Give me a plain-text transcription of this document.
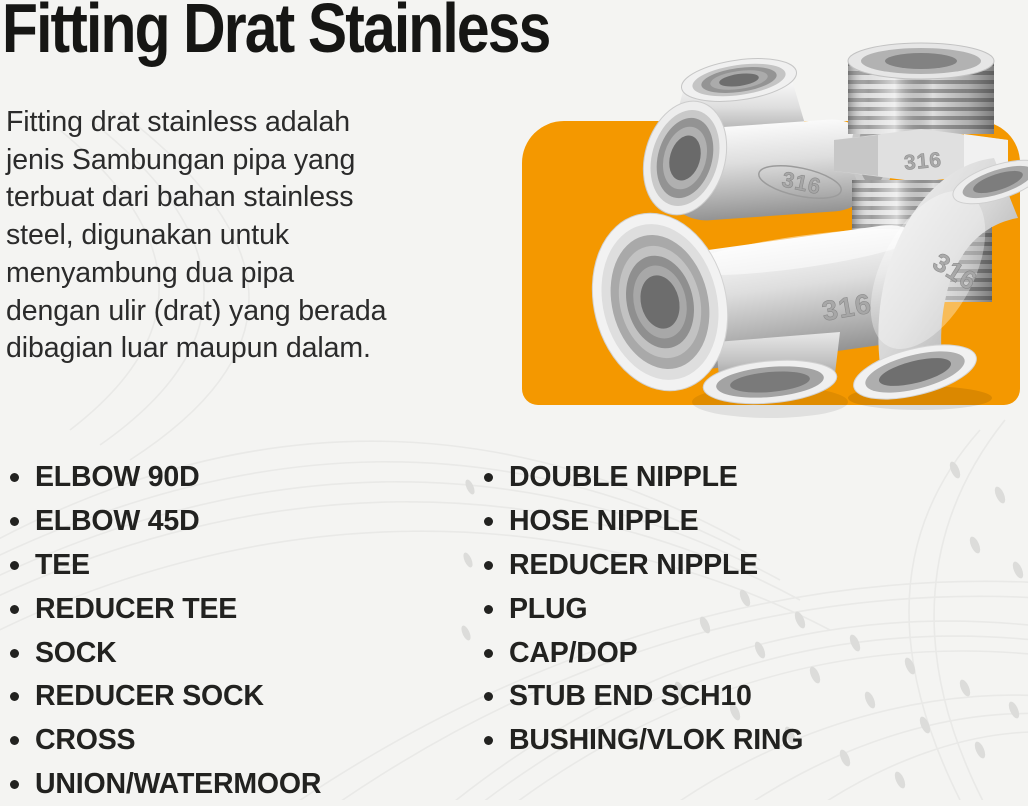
316
316
316
316
Fitting Drat Stainless
Fitting drat stainless adalah
jenis Sambungan pipa yang
terbuat dari bahan stainless
steel, digunakan untuk
menyambung dua pipa
dengan ulir (drat) yang berada
dibagian luar maupun dalam.
ELBOW 90D
ELBOW 45D
TEE
REDUCER TEE
SOCK
REDUCER SOCK
CROSS
UNION/WATERMOOR
DOUBLE NIPPLE
HOSE NIPPLE
REDUCER NIPPLE
PLUG
CAP/DOP
STUB END SCH10
BUSHING/VLOK RING
